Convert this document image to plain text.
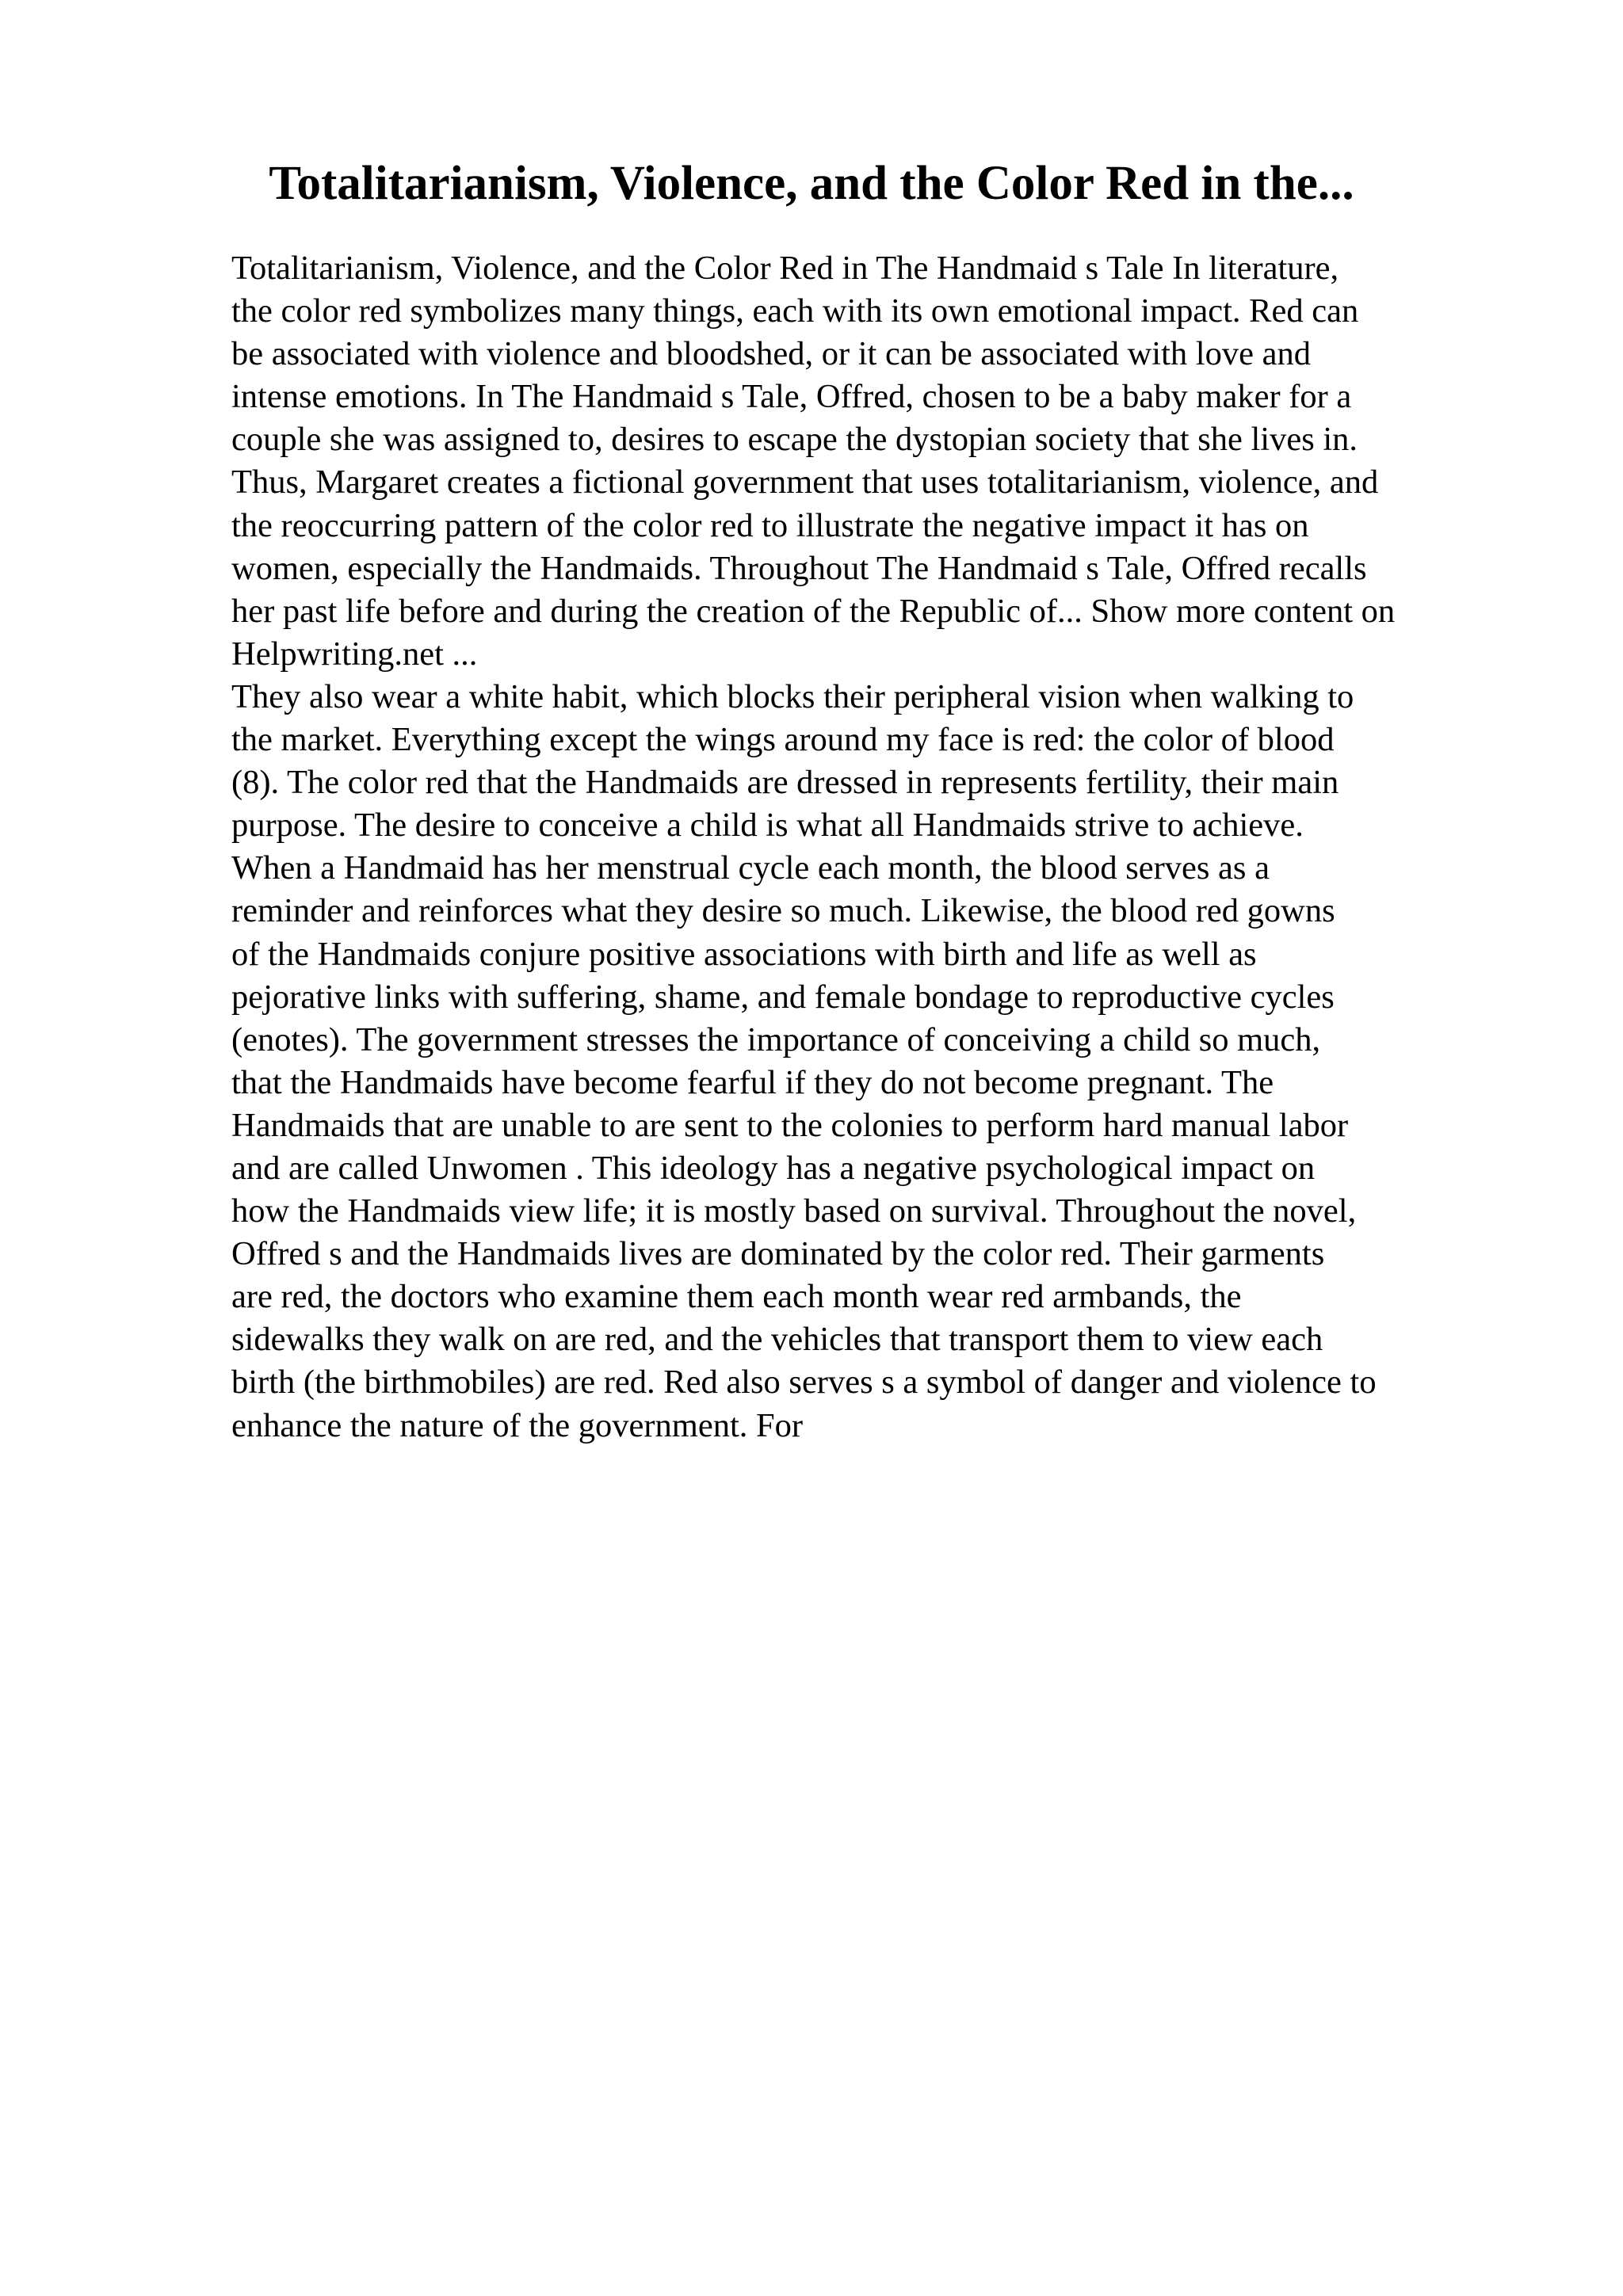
Totalitarianism, Violence, and the Color Red in the...
Totalitarianism, Violence, and the Color Red in The Handmaid s Tale In literature,
the color red symbolizes many things, each with its own emotional impact. Red can
be associated with violence and bloodshed, or it can be associated with love and
intense emotions. In The Handmaid s Tale, Offred, chosen to be a baby maker for a
couple she was assigned to, desires to escape the dystopian society that she lives in.
Thus, Margaret creates a fictional government that uses totalitarianism, violence, and
the reoccurring pattern of the color red to illustrate the negative impact it has on
women, especially the Handmaids. Throughout The Handmaid s Tale, Offred recalls
her past life before and during the creation of the Republic of... Show more content on
Helpwriting.net ...
They also wear a white habit, which blocks their peripheral vision when walking to
the market. Everything except the wings around my face is red: the color of blood
(8). The color red that the Handmaids are dressed in represents fertility, their main
purpose. The desire to conceive a child is what all Handmaids strive to achieve.
When a Handmaid has her menstrual cycle each month, the blood serves as a
reminder and reinforces what they desire so much. Likewise, the blood red gowns
of the Handmaids conjure positive associations with birth and life as well as
pejorative links with suffering, shame, and female bondage to reproductive cycles
(enotes). The government stresses the importance of conceiving a child so much,
that the Handmaids have become fearful if they do not become pregnant. The
Handmaids that are unable to are sent to the colonies to perform hard manual labor
and are called Unwomen . This ideology has a negative psychological impact on
how the Handmaids view life; it is mostly based on survival. Throughout the novel,
Offred s and the Handmaids lives are dominated by the color red. Their garments
are red, the doctors who examine them each month wear red armbands, the
sidewalks they walk on are red, and the vehicles that transport them to view each
birth (the birthmobiles) are red. Red also serves s a symbol of danger and violence to
enhance the nature of the government. For
